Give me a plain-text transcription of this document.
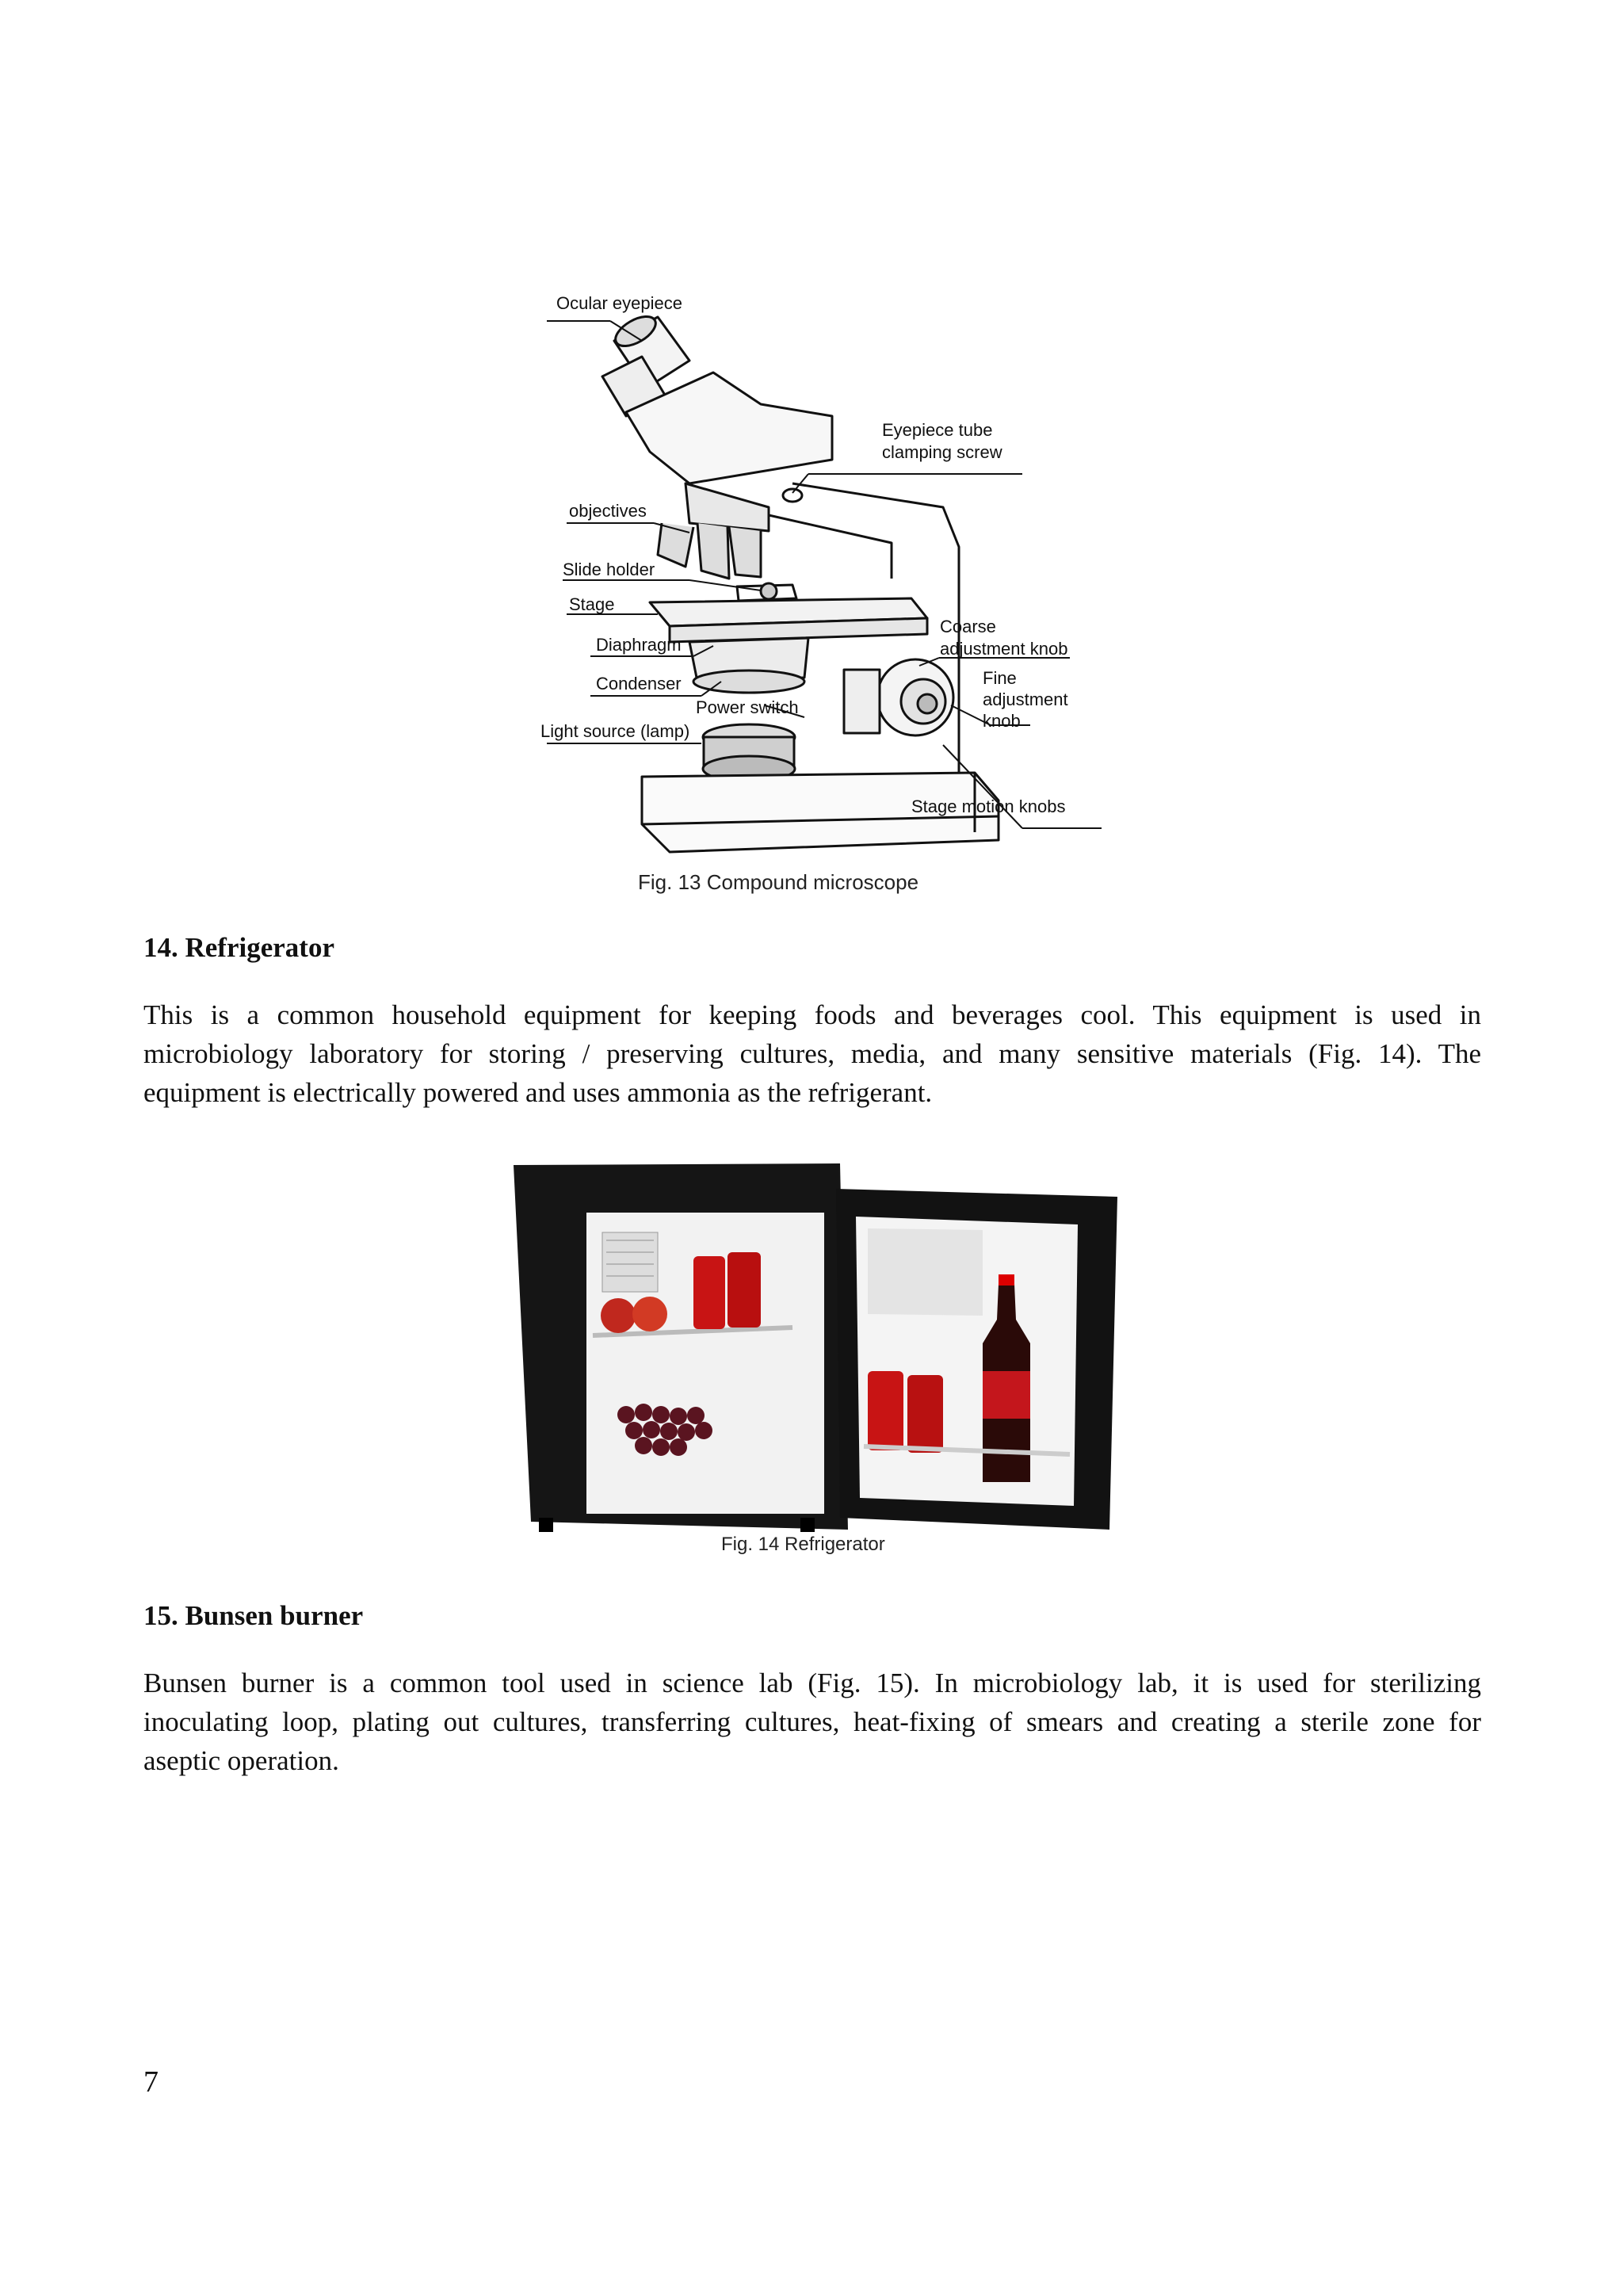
Ocular eyepiece
Eyepiece tube
clamping screw
objectives
Slide holder
Stage
Diaphragm
Condenser
Power switch
Light source (lamp)
Coarse
adjustment knob
Fine
adjustment
knob
Stage motion knobs
Fig. 13 Compound microscope
14. Refrigerator
This is a common household equipment for keeping foods and beverages cool. This equipment is used in
microbiology laboratory for storing / preserving cultures, media, and many sensitive materials (Fig. 14). The
equipment is electrically powered and uses ammonia as the refrigerant.
Fig. 14 Refrigerator
15. Bunsen burner
Bunsen burner is a common tool used in science lab (Fig. 15). In microbiology lab, it is used for sterilizing
inoculating loop, plating out cultures, transferring cultures, heat-fixing of smears and creating a sterile zone for
aseptic operation.
7
